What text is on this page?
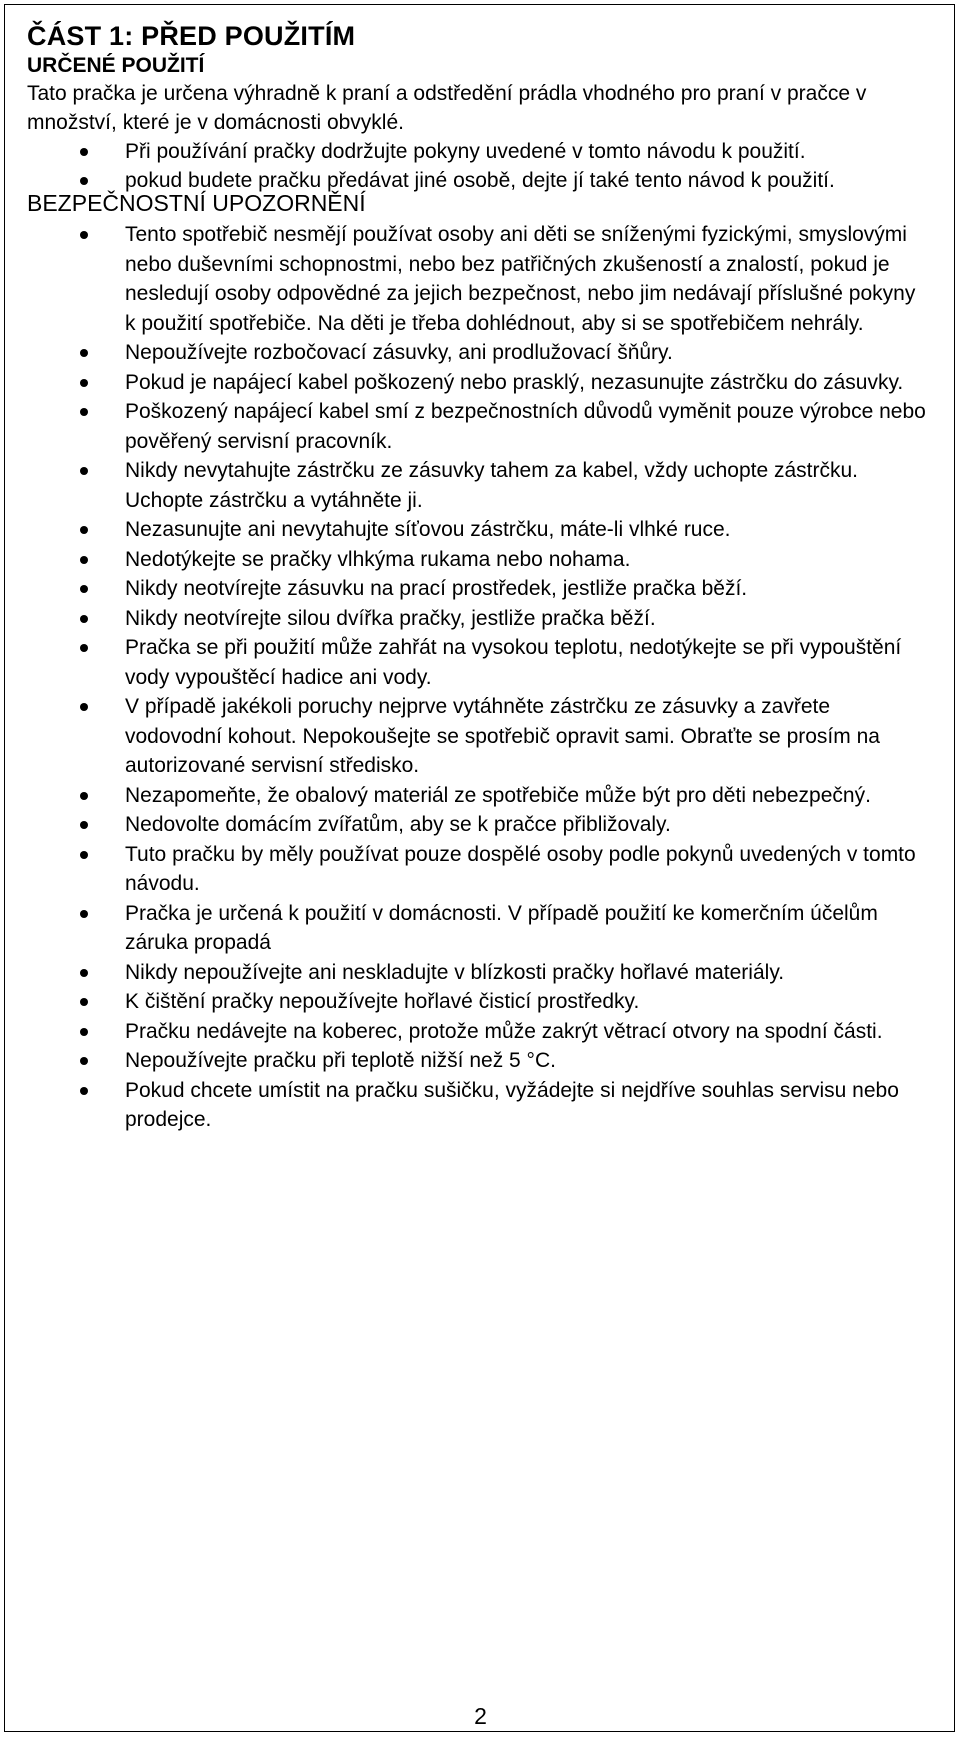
ČÁST 1: PŘED POUŽITÍM
URČENÉ POUŽITÍ

Tato pračka je určena výhradně k praní a odstředění prádla vhodného pro praní v pračce v množství, které je v domácnosti obvyklé.

Při používání pračky dodržujte pokyny uvedené v tomto návodu k použití.
pokud budete pračku předávat jiné osobě, dejte jí také tento návod k použití.
BEZPEČNOSTNÍ UPOZORNĚNÍ
Tento spotřebič nesmějí používat osoby ani děti se sníženými fyzickými, smyslovými nebo duševními schopnostmi, nebo bez patřičných zkušeností a znalostí, pokud je nesledují osoby odpovědné za jejich bezpečnost, nebo jim nedávají příslušné pokyny k použití spotřebiče. Na děti je třeba dohlédnout, aby si se spotřebičem nehrály.
Nepoužívejte rozbočovací zásuvky, ani prodlužovací šňůry.
Pokud je napájecí kabel poškozený nebo prasklý, nezasunujte zástrčku do zásuvky.
Poškozený napájecí kabel smí z bezpečnostních důvodů vyměnit pouze výrobce nebo pověřený servisní pracovník.
Nikdy nevytahujte zástrčku ze zásuvky tahem za kabel, vždy uchopte zástrčku. Uchopte zástrčku a vytáhněte ji.
Nezasunujte ani nevytahujte síťovou zástrčku, máte-li vlhké ruce.
Nedotýkejte se pračky vlhkýma rukama nebo nohama.
Nikdy neotvírejte zásuvku na prací prostředek, jestliže pračka běží.
Nikdy neotvírejte silou dvířka pračky, jestliže pračka běží.
Pračka se při použití může zahřát na vysokou teplotu, nedotýkejte se při vypouštění vody vypouštěcí hadice ani vody.
V případě jakékoli poruchy nejprve vytáhněte zástrčku ze zásuvky a zavřete vodovodní kohout. Nepokoušejte se spotřebič opravit sami. Obraťte se prosím na autorizované servisní středisko.
Nezapomeňte, že obalový materiál ze spotřebiče může být pro děti nebezpečný.
Nedovolte domácím zvířatům, aby se k pračce přibližovaly.
Tuto pračku by měly používat pouze dospělé osoby podle pokynů uvedených v tomto návodu.
Pračka je určená k použití v domácnosti. V případě použití ke komerčním účelům záruka propadá
Nikdy nepoužívejte ani neskladujte v blízkosti pračky hořlavé materiály.
K čištění pračky nepoužívejte hořlavé čisticí prostředky.
Pračku nedávejte na koberec, protože může zakrýt větrací otvory na spodní části.
Nepoužívejte pračku při teplotě nižší než 5 °C.
Pokud chcete umístit na pračku sušičku, vyžádejte si nejdříve souhlas servisu nebo prodejce.
2
